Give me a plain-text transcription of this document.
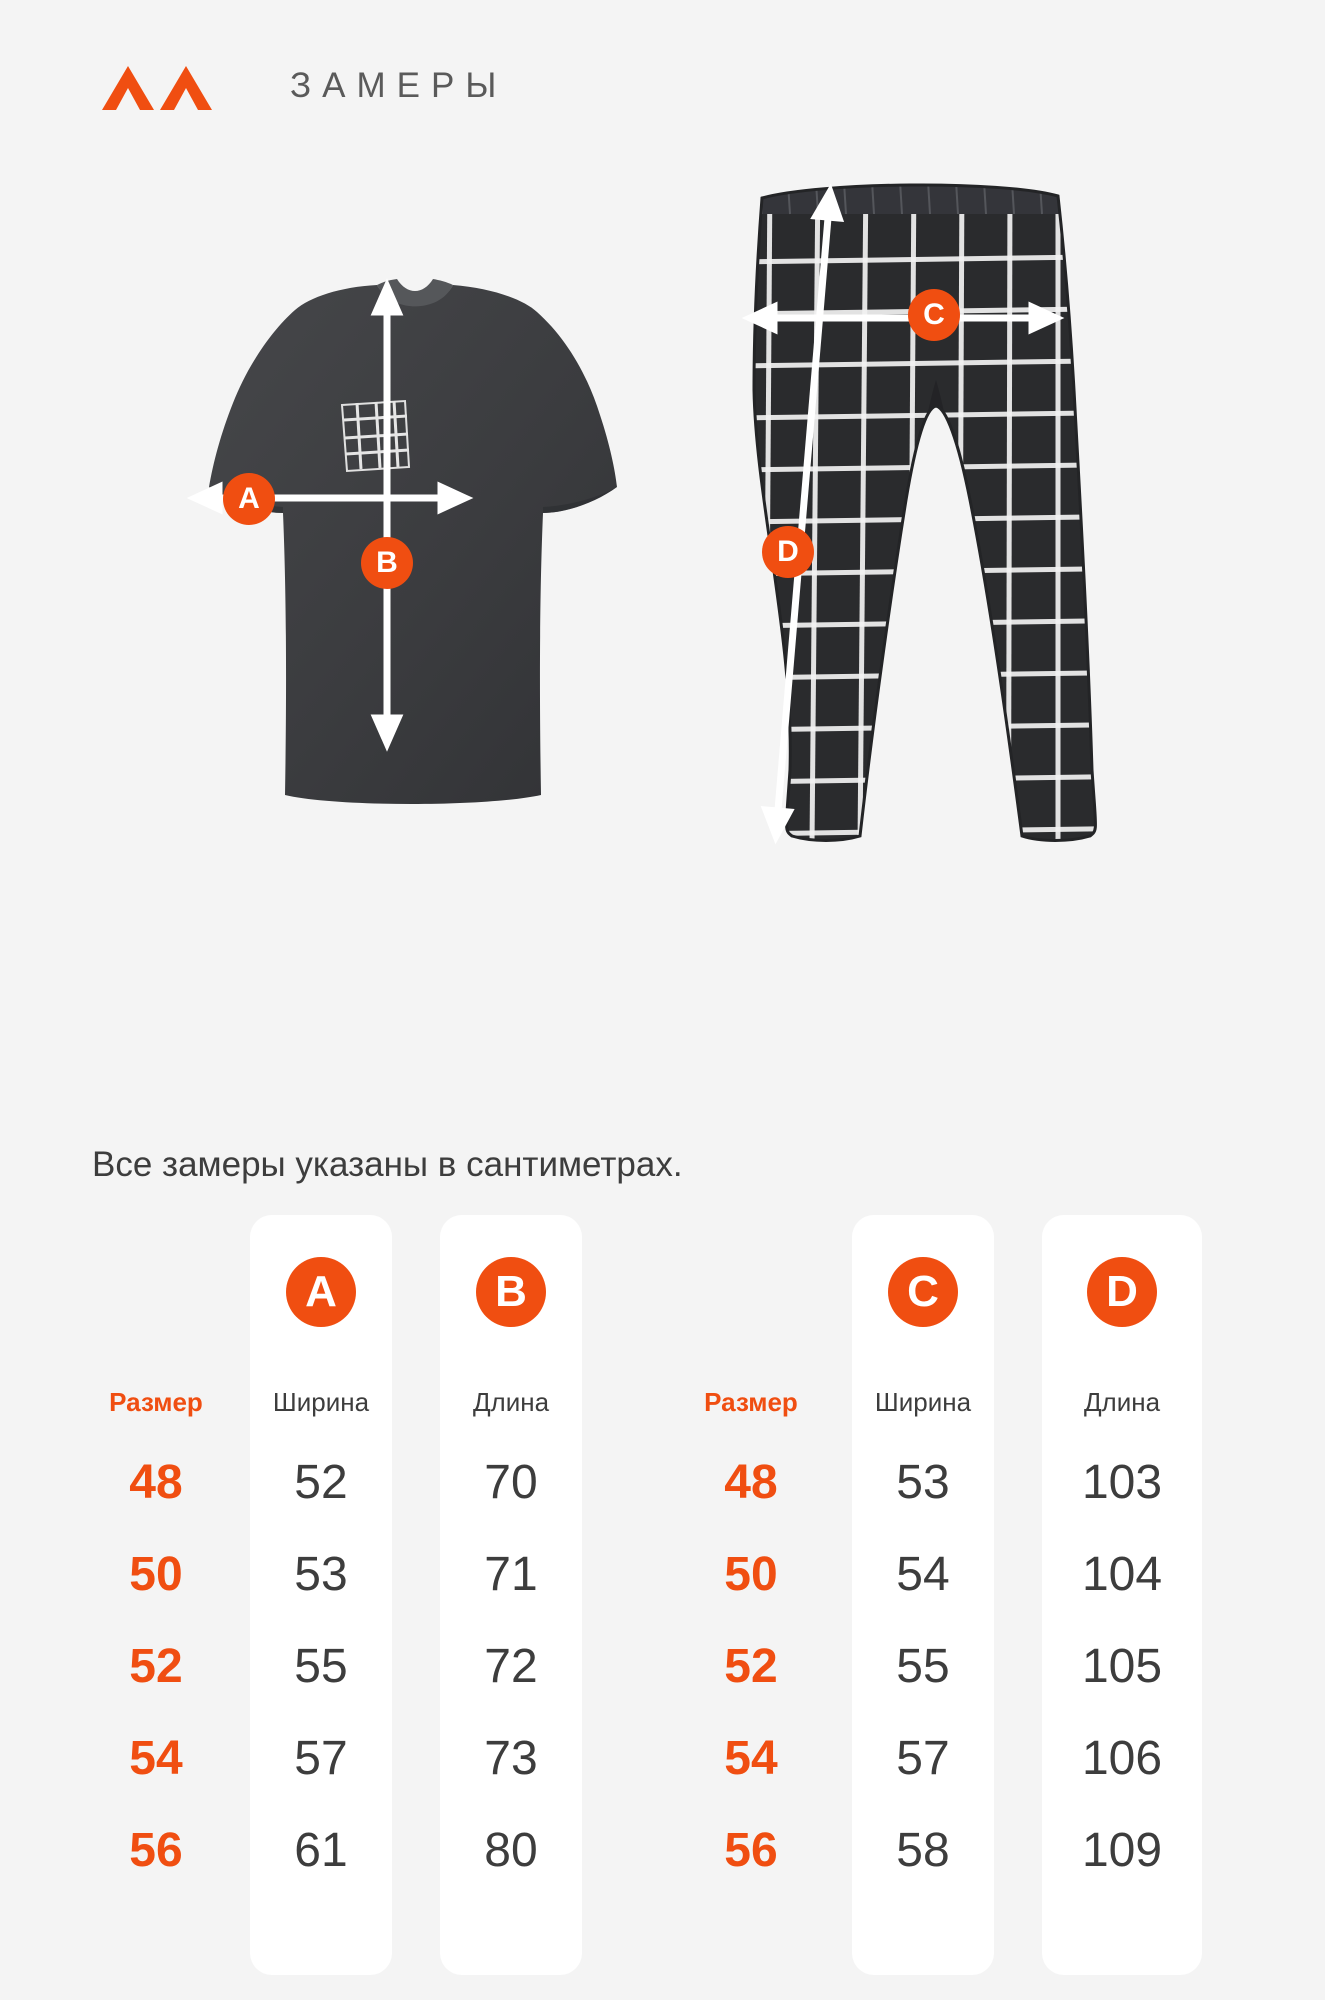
ЗАМЕРЫ
A
B
C
D
Все замеры указаны в сантиметрах.
Размер
48
50
52
54
56
A
Ширина
52
53
55
57
61
B
Длина
70
71
72
73
80
Размер
48
50
52
54
56
C
Ширина
53
54
55
57
58
D
Длина
103
104
105
106
109
